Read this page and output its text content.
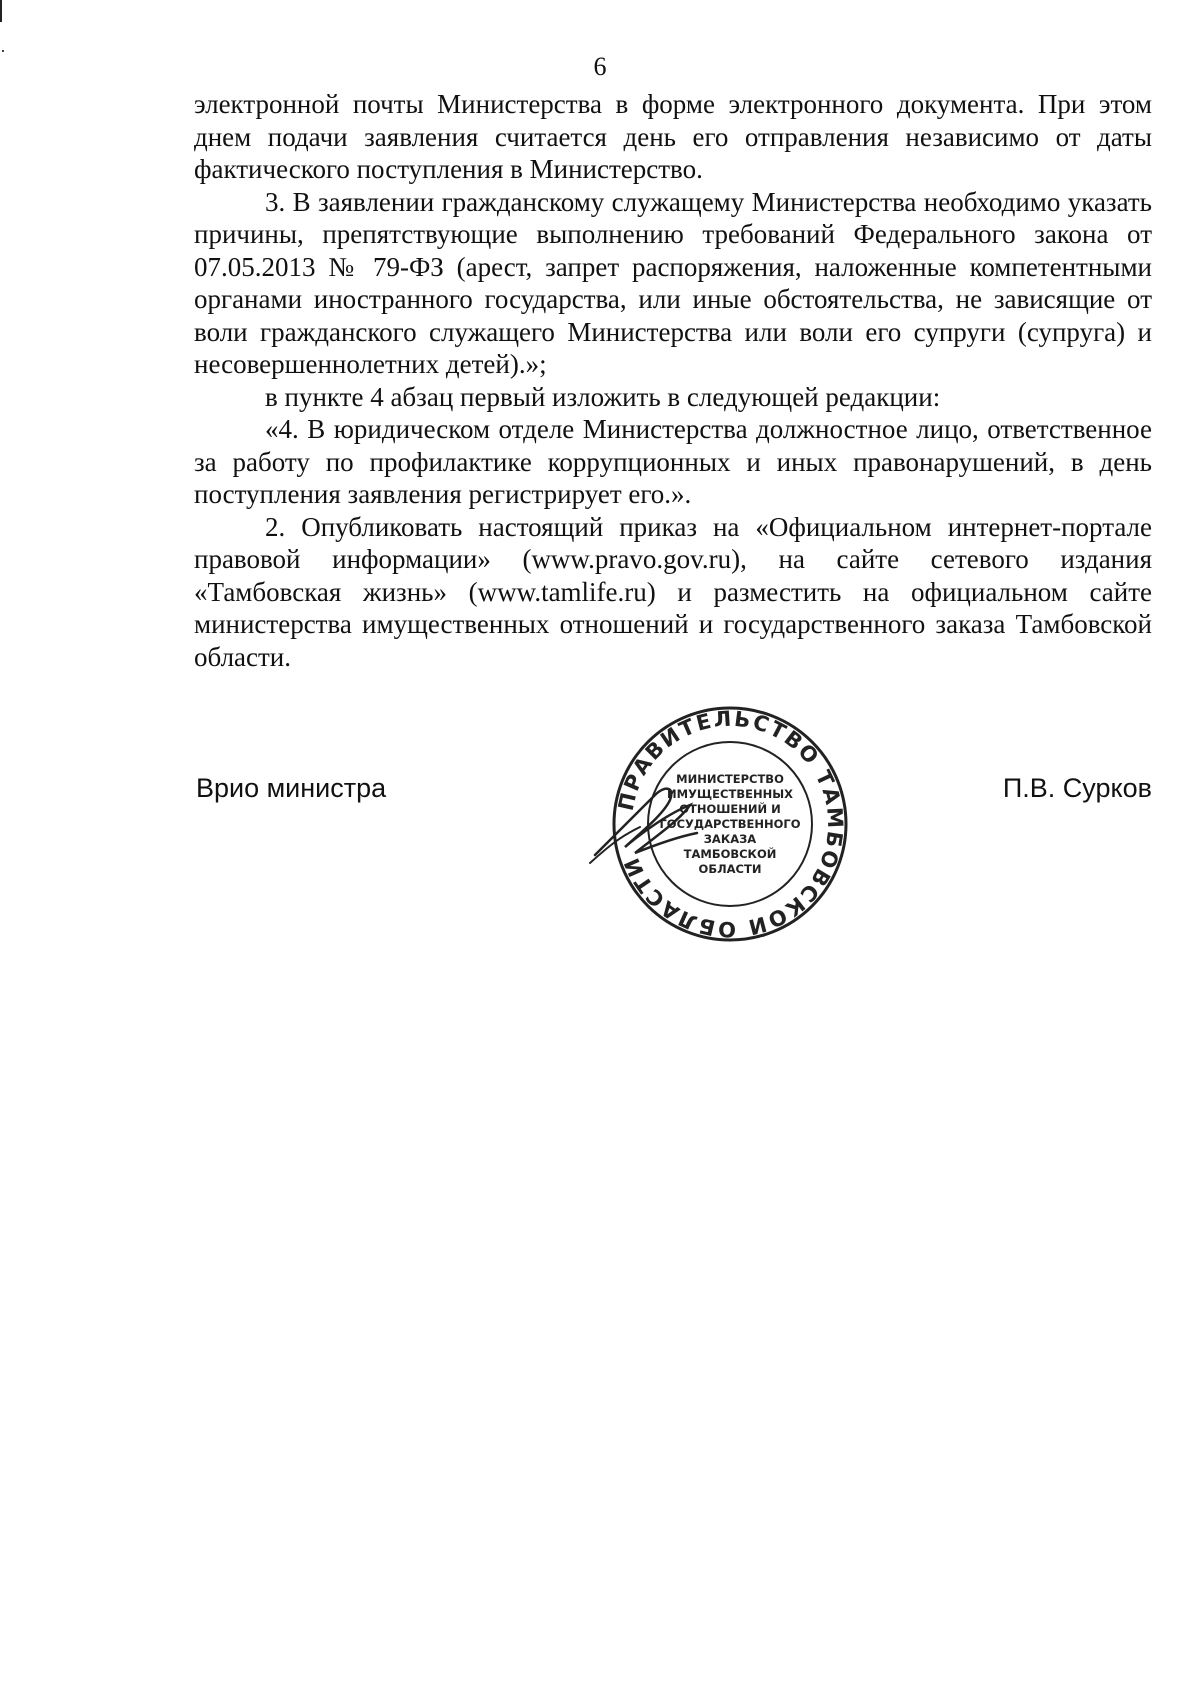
6

электронной почты Министерства в форме электронного документа. При этом днем подачи заявления считается день его отправления независимо от даты фактического поступления в Министерство.

3. В заявлении гражданскому служащему Министерства необходимо указать причины, препятствующие выполнению требований Федерального закона от 07.05.2013 № 79-ФЗ (арест, запрет распоряжения, наложенные компетентными органами иностранного государства, или иные обстоятельства, не зависящие от воли гражданского служащего Министерства или воли его супруги (супруга) и несовершеннолетних детей).»;

в пункте 4 абзац первый изложить в следующей редакции:

«4. В юридическом отделе Министерства должностное лицо, ответственное за работу по профилактике коррупционных и иных правонарушений, в день поступления заявления регистрирует его.».

2. Опубликовать настоящий приказ на «Официальном интернет-портале правовой информации» (www.pravo.gov.ru), на сайте сетевого издания «Тамбовская жизнь» (www.tamlife.ru) и разместить на официальном сайте министерства имущественных отношений и государственного заказа Тамбовской области.

Врио министра	П.В. Сурков
ПРАВИТЕЛЬСТВО ТАМБОВСКОЙ ОБЛАСТИ
МИНИСТЕРСТВО
ИМУЩЕСТВЕННЫХ
ОТНОШЕНИЙ И
ГОСУДАРСТВЕННОГО
ЗАКАЗА
ТАМБОВСКОЙ
ОБЛАСТИ
